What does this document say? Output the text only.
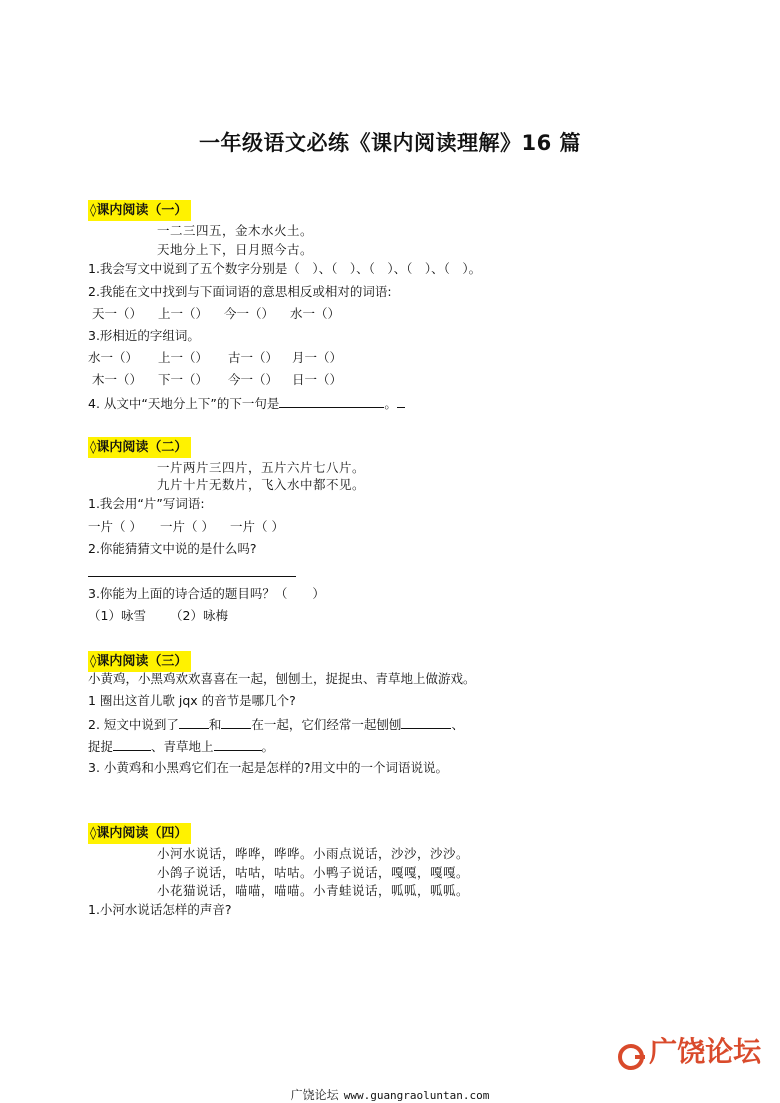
一年级语文必练《课内阅读理解》16 篇
◊课内阅读（一）
一二三四五，金木水火土。
天地分上下，日月照今古。
1.我会写文中说到了五个数字分别是（　）、（　）、（　）、（　）、（　）。
2.我能在文中找到与下面词语的意思相反或相对的词语:
天一（） 上一（） 今一（） 水一（）
3.形相近的字组词。
水一（） 上一（） 古一（） 月一（）
木一（） 下一（） 今一（） 日一（）
4. 从文中“天地分上下”的下一句是	。
◊课内阅读（二）
一片两片三四片，五片六片七八片。
九片十片无数片，飞入水中都不见。
1.我会用“片”写词语:
一片（ ） 一片（ ） 一片（ ）
2.你能猜猜文中说的是什么吗?
3.你能为上面的诗合适的题目吗？（　　）
（1）咏雪 （2）咏梅
◊课内阅读（三）
小黄鸡，小黑鸡欢欢喜喜在一起，刨刨土，捉捉虫、青草地上做游戏。
1 圈出这首儿歌 jqx 的音节是哪几个?
2. 短文中说到了 和 在一起，它们经常一起刨刨	、
捉捉	、青草地上	。
3. 小黄鸡和小黑鸡它们在一起是怎样的?用文中的一个词语说说。
◊课内阅读（四）
小河水说话，哗哗，哗哗。小雨点说话，沙沙，沙沙。
小鸽子说话，咕咕，咕咕。小鸭子说话，嘎嘎，嘎嘎。
小花猫说话，喵喵，喵喵。小青蛙说话，呱呱，呱呱。
1.小河水说话怎样的声音?
广饶论坛 www.guangraoluntan.com
广饶论坛
